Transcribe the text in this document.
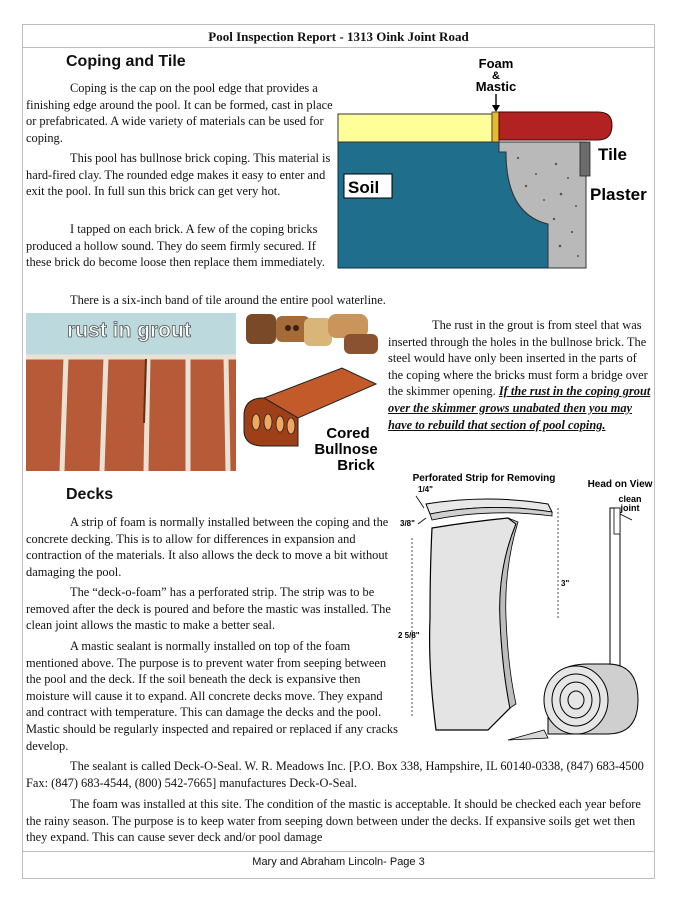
Pool Inspection Report - 1313 Oink Joint Road
Coping and Tile

Coping is the cap on the pool edge that provides a finishing edge around the pool. It can be formed, cast in place or prefabricated. A wide variety of materials can be used for coping.

This pool has bullnose brick coping. This material is hard-fired clay. The rounded edge makes it easy to enter and exit the pool. In full sun this brick can get very hot.

I tapped on each brick. A few of the coping bricks produced a hollow sound. They do seem firmly secured. If these brick do become loose then replace them immediately.

There is a six-inch band of tile around the entire pool waterline.

Foam
&
Mastic
Tile
Plaster
Soil
rust in grout
Cored
Bullnose
Brick

The rust in the grout is from steel that was inserted through the holes in the bullnose brick. The steel would have only been inserted in the parts of the coping where the bricks must form a bridge over the skimmer opening. If the rust in the coping grout over the skimmer grows unabated then you may have to rebuild that section of pool coping.

Decks

A strip of foam is normally installed between the coping and the concrete decking. This is to allow for differences in expansion and contraction of the materials. It also allows the deck to move a bit without damaging the pool.

The “deck-o-foam” has a perforated strip. The strip was to be removed after the deck is poured and before the mastic was installed. The clean joint allows the mastic to make a better seal.

A mastic sealant is normally installed on top of the foam mentioned above. The purpose is to prevent water from seeping between the pool and the deck. If the soil beneath the deck is expansive then moisture will cause it to expand. All concrete decks move. They expand and contract with temperature. This can damage the decks and the pool. Mastic should be regularly inspected and repaired or replaced if any cracks develop.

The sealant is called Deck-O-Seal. W. R. Meadows Inc. [P.O. Box 338, Hampshire, IL 60140-0338, (847) 683-4500 Fax: (847) 683-4544, (800) 542-7665] manufactures Deck-O-Seal.

The foam was installed at this site. The condition of the mastic is acceptable. It should be checked each year before the rainy season. The purpose is to keep water from seeping down between under the decks. If expansive soils get wet then they expand. This can cause sever deck and/or pool damage

Perforated Strip for Removing
Head on View
1/4"
3/8"
3"
2 5/8"
clean
joint
Mary and Abraham Lincoln- Page 3
